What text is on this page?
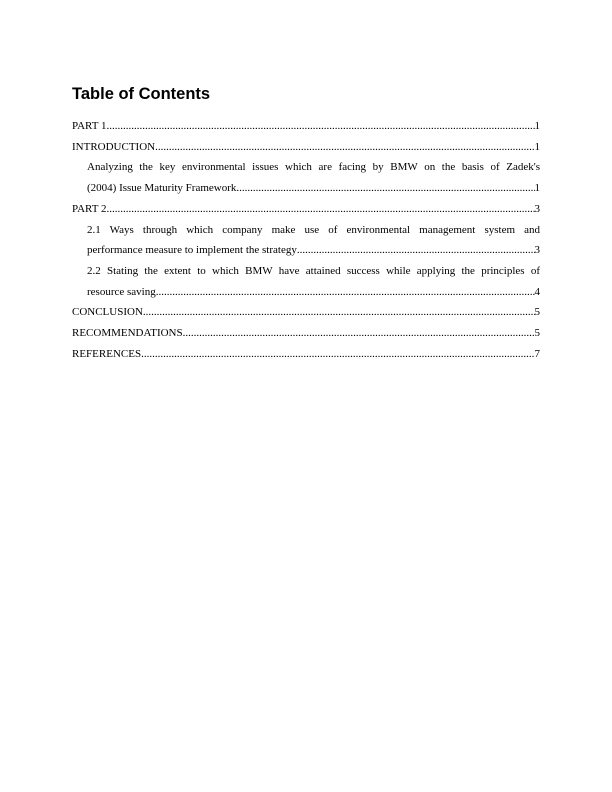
Table of Contents
PART 1 .....	1
INTRODUCTION .....	1
Analyzing the key environmental issues which are facing by BMW on the basis of Zadek's
(2004) Issue Maturity Framework .....	1
PART 2 .....	3
2.1 Ways through which company make use of environmental management system and
performance measure to implement the strategy .....	3
2.2 Stating the extent to which BMW have attained success while applying the principles of
resource saving .....	4
CONCLUSION .....	5
RECOMMENDATIONS .....	5
REFERENCES .....	7
